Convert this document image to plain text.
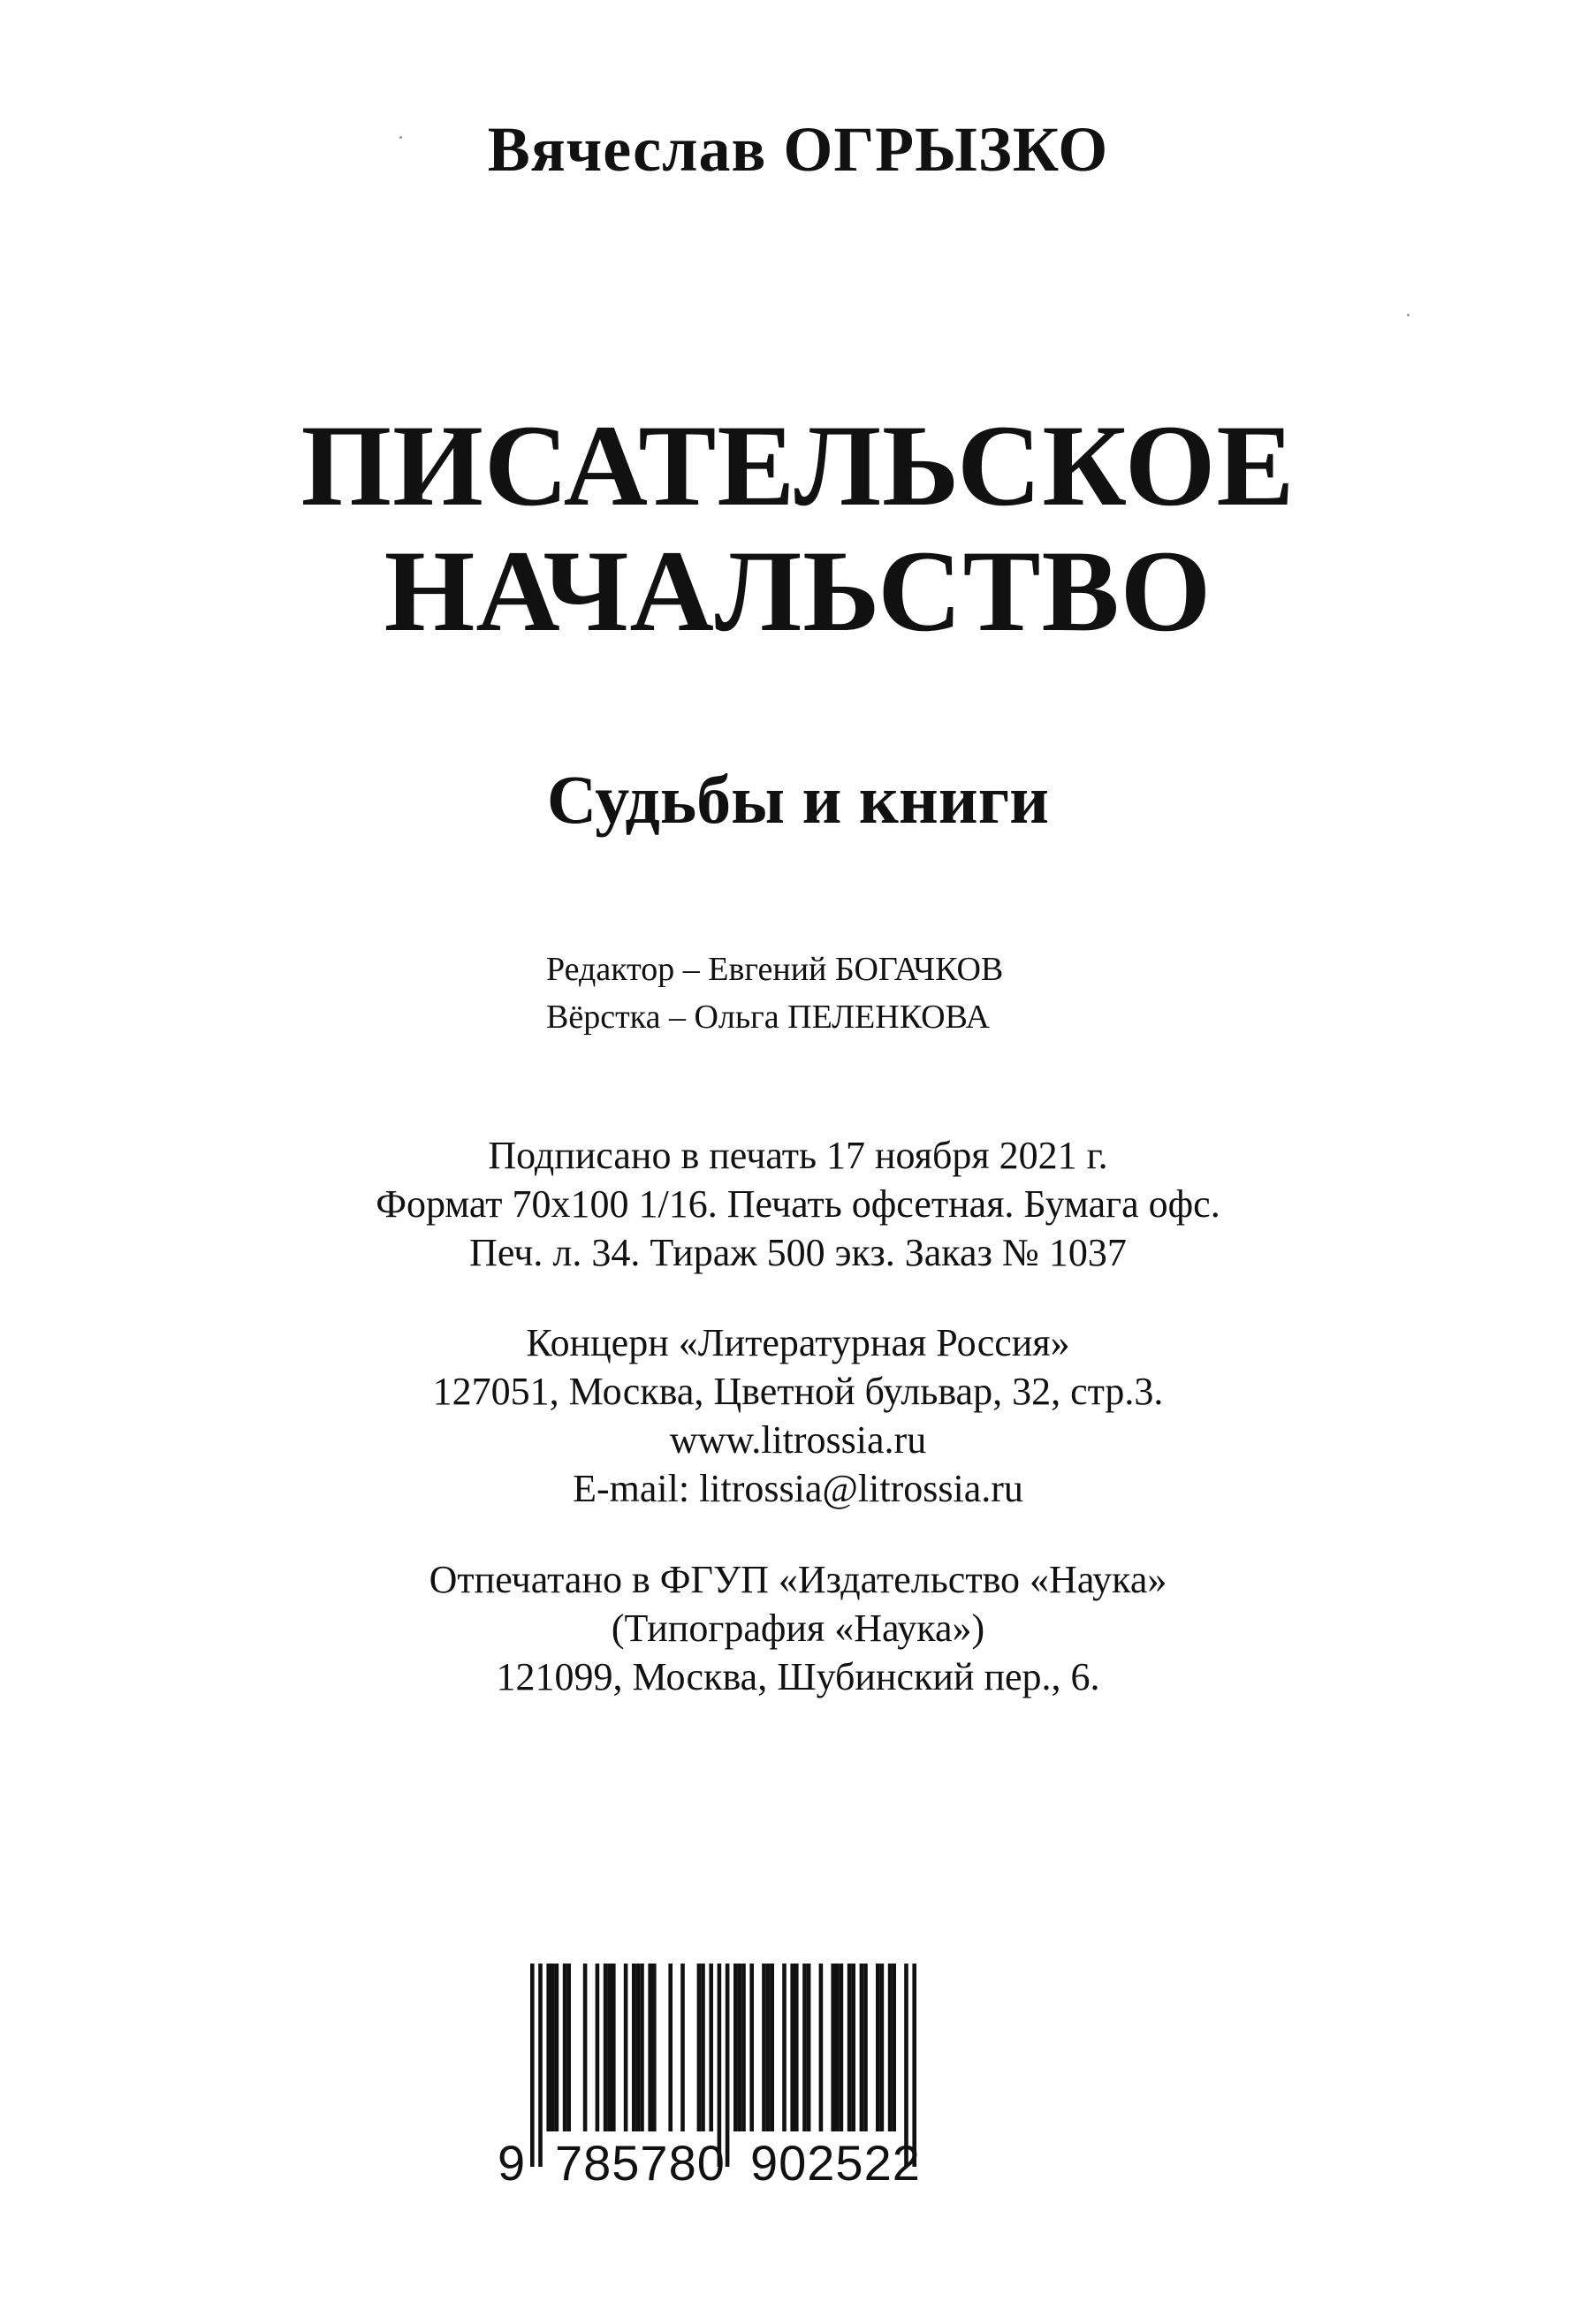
Вячеслав ОГРЫЗКО
ПИСАТЕЛЬСКОЕ
НАЧАЛЬСТВО
Судьбы и книги
Редактор – Евгений БОГАЧКОВ
Вёрстка – Ольга ПЕЛЕНКОВА
Подписано в печать 17 ноября 2021 г.
Формат 70х100 1/16. Печать офсетная. Бумага офс.
Печ. л. 34. Тираж 500 экз. Заказ № 1037
Концерн «Литературная Россия»
127051, Москва, Цветной бульвар, 32, стр.3.
www.litrossia.ru
E-mail: litrossia@litrossia.ru
Отпечатано в ФГУП «Издательство «Наука»
(Типография «Наука»)
121099, Москва, Шубинский пер., 6.
9 785780 902522
